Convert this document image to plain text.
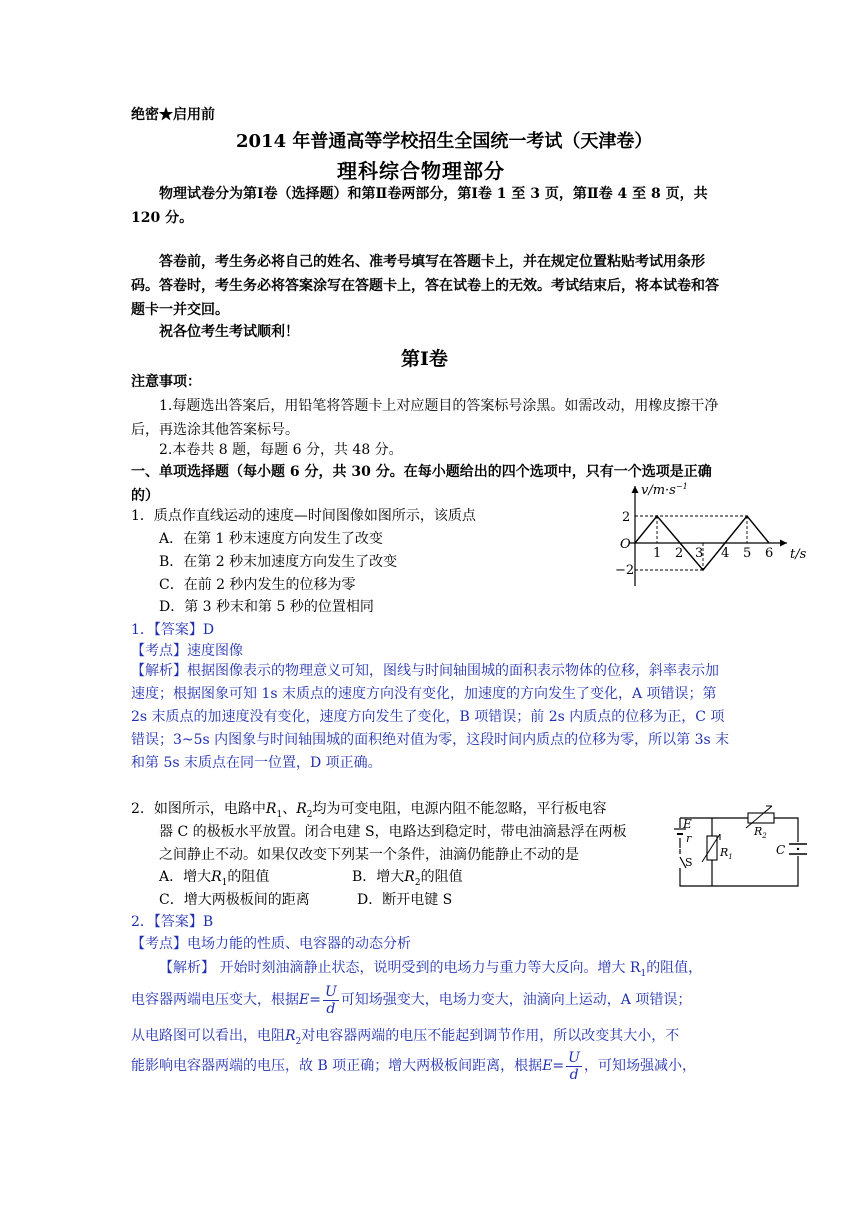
绝密★启用前
2014 年普通高等学校招生全国统一考试（天津卷）
理科综合物理部分
物理试卷分为第Ⅰ卷（选择题）和第Ⅱ卷两部分，第Ⅰ卷 1 至 3 页，第Ⅱ卷 4 至 8 页，共 120 分。
答卷前，考生务必将自己的姓名、准考号填写在答题卡上，并在规定位置粘贴考试用条形码。答卷时，考生务必将答案涂写在答题卡上，答在试卷上的无效。考试结束后，将本试卷和答题卡一并交回。
祝各位考生考试顺利！
第Ⅰ卷
注意事项：
1.每题选出答案后，用铅笔将答题卡上对应题目的答案标号涂黑。如需改动，用橡皮擦干净后，再选涂其他答案标号。
2.本卷共 8 题，每题 6 分，共 48 分。
一、单项选择题（每小题 6 分，共 30 分。在每小题给出的四个选项中，只有一个选项是正确的）
1．质点作直线运动的速度—时间图像如图所示，该质点
A．在第 1 秒末速度方向发生了改变
B．在第 2 秒末加速度方向发生了改变
C．在前 2 秒内发生的位移为零
D．第 3 秒末和第 5 秒的位置相同
$v/m\cdot s^{-1}$
t/s
O
2
−2
1 2 3 4 5 6
1．【答案】D
【考点】速度图像
【解析】根据图像表示的物理意义可知，图线与时间轴围城的面积表示物体的位移，斜率表示加速度；根据图象可知 1s 末质点的速度方向没有变化，加速度的方向发生了变化，A 项错误；第 2s 末质点的加速度没有变化，速度方向发生了变化，B 项错误；前 2s 内质点的位移为正，C 项错误；3~5s 内图象与时间轴围城的面积绝对值为零，这段时间内质点的位移为零，所以第 3s 末和第 5s 末质点在同一位置，D 项正确。
2．如图所示，电路中$R_1$、$R_2$均为可变电阻，电源内阻不能忽略，平行板电容
器 C 的极板水平放置。闭合电建 S，电路达到稳定时，带电油滴悬浮在两板
之间静止不动。如果仅改变下列某一个条件，油滴仍能静止不动的是
A．增大$R_1$的阻值	B．增大$R_2$的阻值
C．增大两极板间的距离	D．断开电键 S
E
r
S
$R_1$
$R_2$
C
2．【答案】B
【考点】电场力能的性质、电容器的动态分析
【解析】 开始时刻油滴静止状态，说明受到的电场力与重力等大反向。增大 $R_1$的阻值，
电容器两端电压变大，根据$E= \frac{U}{d}$ 可知场强变大，电场力变大，油滴向上运动，A 项错误；
从电路图可以看出，电阻$R_2$对电容器两端的电压不能起到调节作用，所以改变其大小，不
能影响电容器两端的电压，故 B 项正确；增大两极板间距离，根据$E= \frac{U}{d}$ ，可知场强减小，
